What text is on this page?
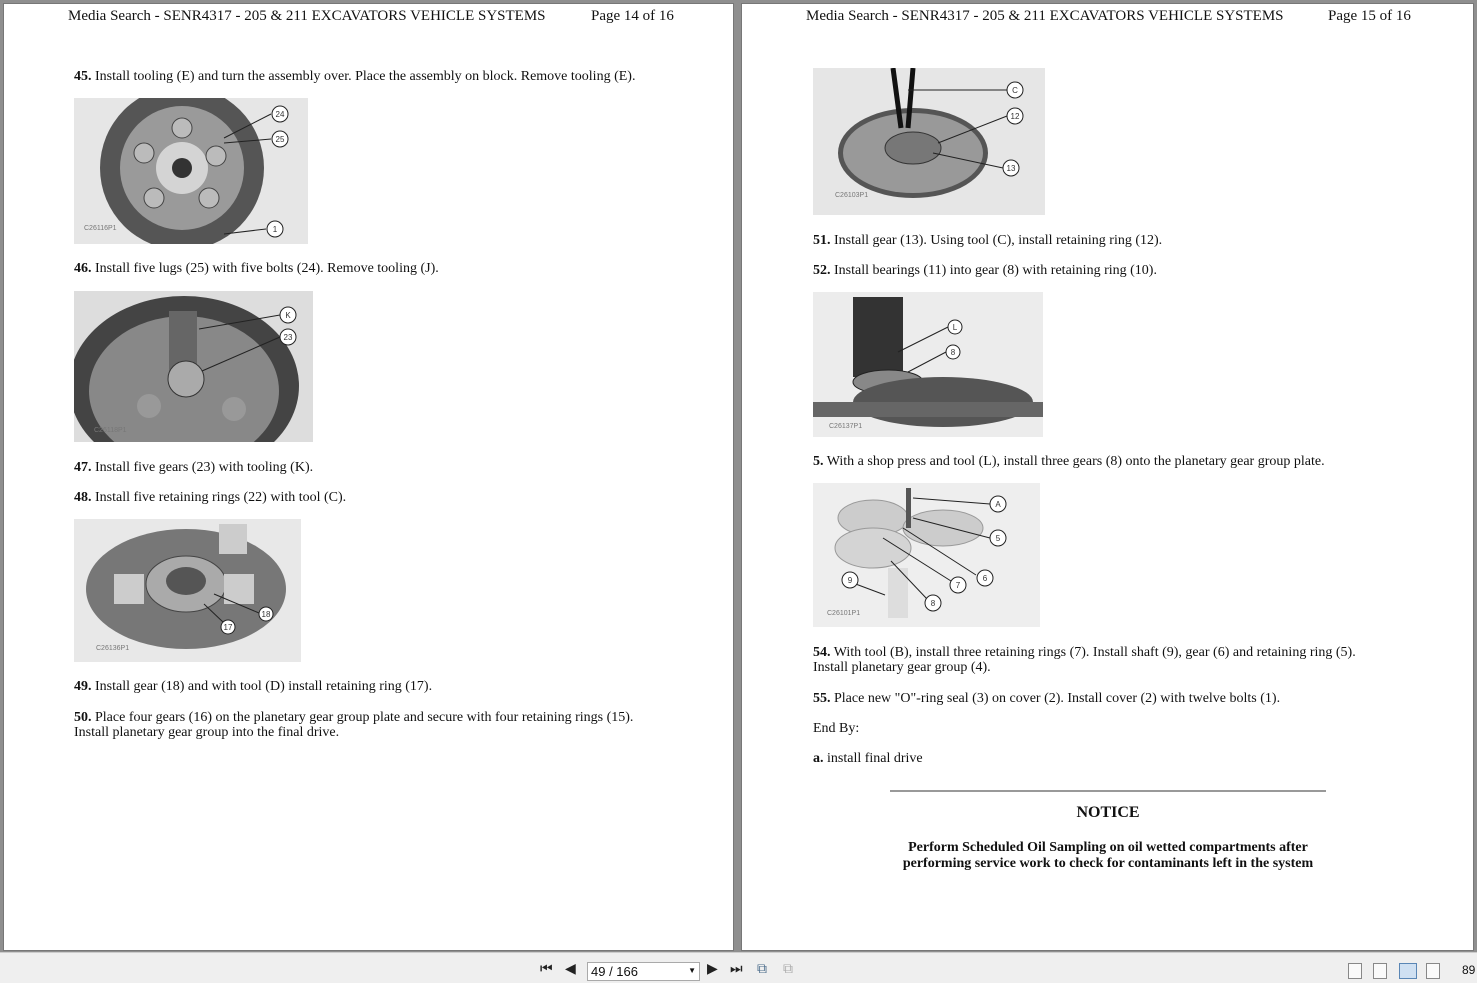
Media Search - SENR4317 - 205 & 211 EXCAVATORS VEHICLE SYSTEMS	Page 14 of 16	Media Search - SENR4317 - 205 & 211 EXCAVATORS VEHICLE SYSTEMS	Page 15 of 16
45. Install tooling (E) and turn the assembly over. Place the assembly on block. Remove tooling (E).
46. Install five lugs (25) with five bolts (24). Remove tooling (J).
47. Install five gears (23) with tooling (K).
48. Install five retaining rings (22) with tool (C).
49. Install gear (18) and with tool (D) install retaining ring (17).
50. Place four gears (16) on the planetary gear group plate and secure with four retaining rings (15).
Install planetary gear group into the final drive.
24
25
1
C26116P1
K
23
C26118P1
18
17
C26136P1
C
12
13
C26103P1
51. Install gear (13). Using tool (C), install retaining ring (12).
52. Install bearings (11) into gear (8) with retaining ring (10).
L
8
C26137P1
5. With a shop press and tool (L), install three gears (8) onto the planetary gear group plate.
A
5
6
7
8
9
C26101P1
54. With tool (B), install three retaining rings (7). Install shaft (9), gear (6) and retaining ring (5).
Install planetary gear group (4).
55. Place new "O"-ring seal (3) on cover (2). Install cover (2) with twelve bolts (1).
End By:
a. install final drive
NOTICE
Perform Scheduled Oil Sampling on oil wetted compartments after
performing service work to check for contaminants left in the system
⏮ ◀	49 / 166	▼ ▶ ⏭ ⧉ ⧉	89
